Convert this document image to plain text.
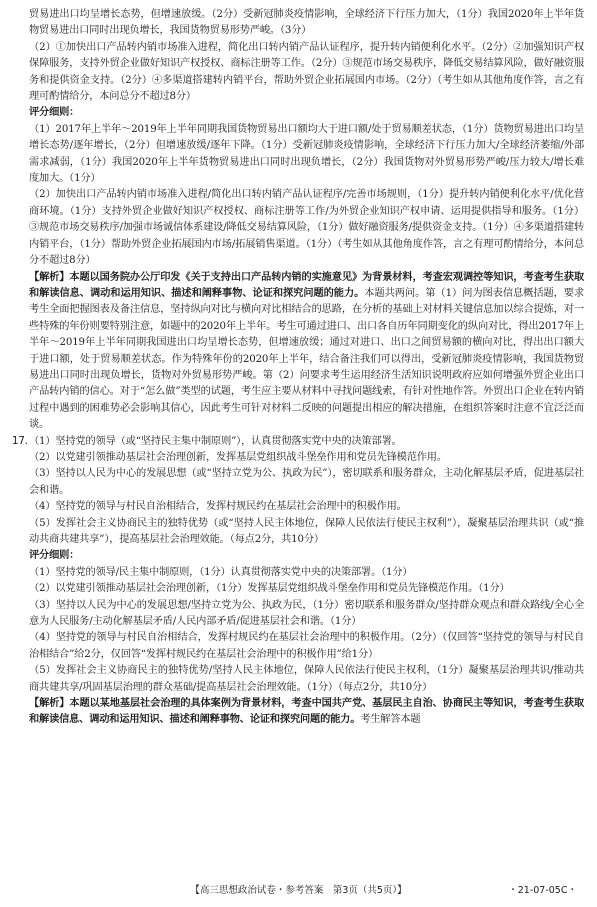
贸易进出口均呈增长态势，但增速放缓。（2分）受新冠肺炎疫情影响，全球经济下行压力加大，（1分）我国2020年上半年货物贸易进出口同时出现负增长，我国货物贸易形势严峻。（3分）

（2）①加快出口产品转内销市场准入进程，简化出口转内销产品认证程序，提升转内销便利化水平。（2分）②加强知识产权保障服务，支持外贸企业做好知识产权授权、商标注册等工作。（2分）③规范市场交易秩序，降低交易结算风险，做好融资服务和提供资金支持。（2分）④多渠道搭建转内销平台，帮助外贸企业拓展国内市场。（2分）（考生如从其他角度作答，言之有理可酌情给分，本问总分不超过8分）

评分细则：

（1）2017年上半年～2019年上半年同期我国货物贸易出口额均大于进口额/处于贸易顺差状态，（1分）货物贸易进出口均呈增长态势/逐年增长，（2分）但增速放缓/逐年下降。（1分）受新冠肺炎疫情影响，全球经济下行压力加大/全球经济萎缩/外部需求减弱，（1分）我国2020年上半年货物贸易进出口同时出现负增长，（2分）我国货物对外贸易形势严峻/压力较大/增长难度加大。（1分）

（2）加快出口产品转内销市场准入进程/简化出口转内销产品认证程序/完善市场规则，（1分）提升转内销便利化水平/优化营商环境。（1分）支持外贸企业做好知识产权授权、商标注册等工作/为外贸企业知识产权申请、运用提供指导和服务。（1分）③规范市场交易秩序/加强市场诚信体系建设/降低交易结算风险，（1分）做好融资服务/提供资金支持。（1分）④多渠道搭建转内销平台，（1分）帮助外贸企业拓展国内市场/拓展销售渠道。（1分）（考生如从其他角度作答，言之有理可酌情给分，本问总分不超过8分）

【解析】本题以国务院办公厅印发《关于支持出口产品转内销的实施意见》为背景材料，考查宏观调控等知识，考查考生获取和解读信息、调动和运用知识、描述和阐释事物、论证和探究问题的能力。本题共两问。第（1）问为图表信息概括题，要求考生全面把握图表及备注信息，坚持纵向对比与横向对比相结合的思路，在分析的基础上对材料关键信息加以综合提炼，对一些特殊的年份则要特别注意，如题中的2020年上半年。考生可通过进口、出口各自历年同期变化的纵向对比，得出2017年上半年～2019年上半年同期我国进出口均呈增长态势，但增速放缓；通过对进口、出口之间贸易额的横向对比，得出出口额大于进口额，处于贸易顺差状态。作为特殊年份的2020年上半年，结合备注我们可以得出，受新冠肺炎疫情影响，我国货物贸易进出口同时出现负增长，货物对外贸易形势严峻。第（2）问要求考生运用经济生活知识说明政府应如何增强外贸企业出口产品转内销的信心。对于“怎么做”类型的试题，考生应主要从材料中寻找问题线索，有针对性地作答。外贸出口企业在转内销过程中遇到的困难势必会影响其信心，因此考生可针对材料二反映的问题提出相应的解决措施，在组织答案时注意不宜泛泛而谈。

17.（1）坚持党的领导（或“坚持民主集中制原则”），认真贯彻落实党中央的决策部署。

（2）以党建引领推动基层社会治理创新，发挥基层党组织战斗堡垒作用和党员先锋模范作用。

（3）坚持以人民为中心的发展思想（或“坚持立党为公、执政为民”），密切联系和服务群众，主动化解基层矛盾，促进基层社会和谐。

（4）坚持党的领导与村民自治相结合，发挥村规民约在基层社会治理中的积极作用。

（5）发挥社会主义协商民主的独特优势（或“坚持人民主体地位，保障人民依法行使民主权利”），凝聚基层治理共识（或“推动共商共建共享”），提高基层社会治理效能。（每点2分，共10分）

评分细则：

（1）坚持党的领导/民主集中制原则，（1分）认真贯彻落实党中央的决策部署。（1分）

（2）以党建引领推动基层社会治理创新，（1分）发挥基层党组织战斗堡垒作用和党员先锋模范作用。（1分）

（3）坚持以人民为中心的发展思想/坚持立党为公、执政为民，（1分）密切联系和服务群众/坚持群众观点和群众路线/全心全意为人民服务/主动化解基层矛盾/人民内部矛盾/促进基层社会和谐。（1分）

（4）坚持党的领导与村民自治相结合，发挥村规民约在基层社会治理中的积极作用。（2分）（仅回答“坚持党的领导与村民自治相结合”给2分，仅回答“发挥村规民约在基层社会治理中的积极作用”给1分）

（5）发挥社会主义协商民主的独特优势/坚持人民主体地位，保障人民依法行使民主权利，（1分）凝聚基层治理共识/推动共商共建共享/巩固基层治理的群众基础/提高基层社会治理效能。（1分）（每点2分，共10分）

【解析】本题以某地基层社会治理的具体案例为背景材料，考查中国共产党、基层民主自治、协商民主等知识，考查考生获取和解读信息、调动和运用知识、描述和阐释事物、论证和探究问题的能力。考生解答本题

【高三思想政治试卷・参考答案　第3页（共5页）】	・21-07-05C・
